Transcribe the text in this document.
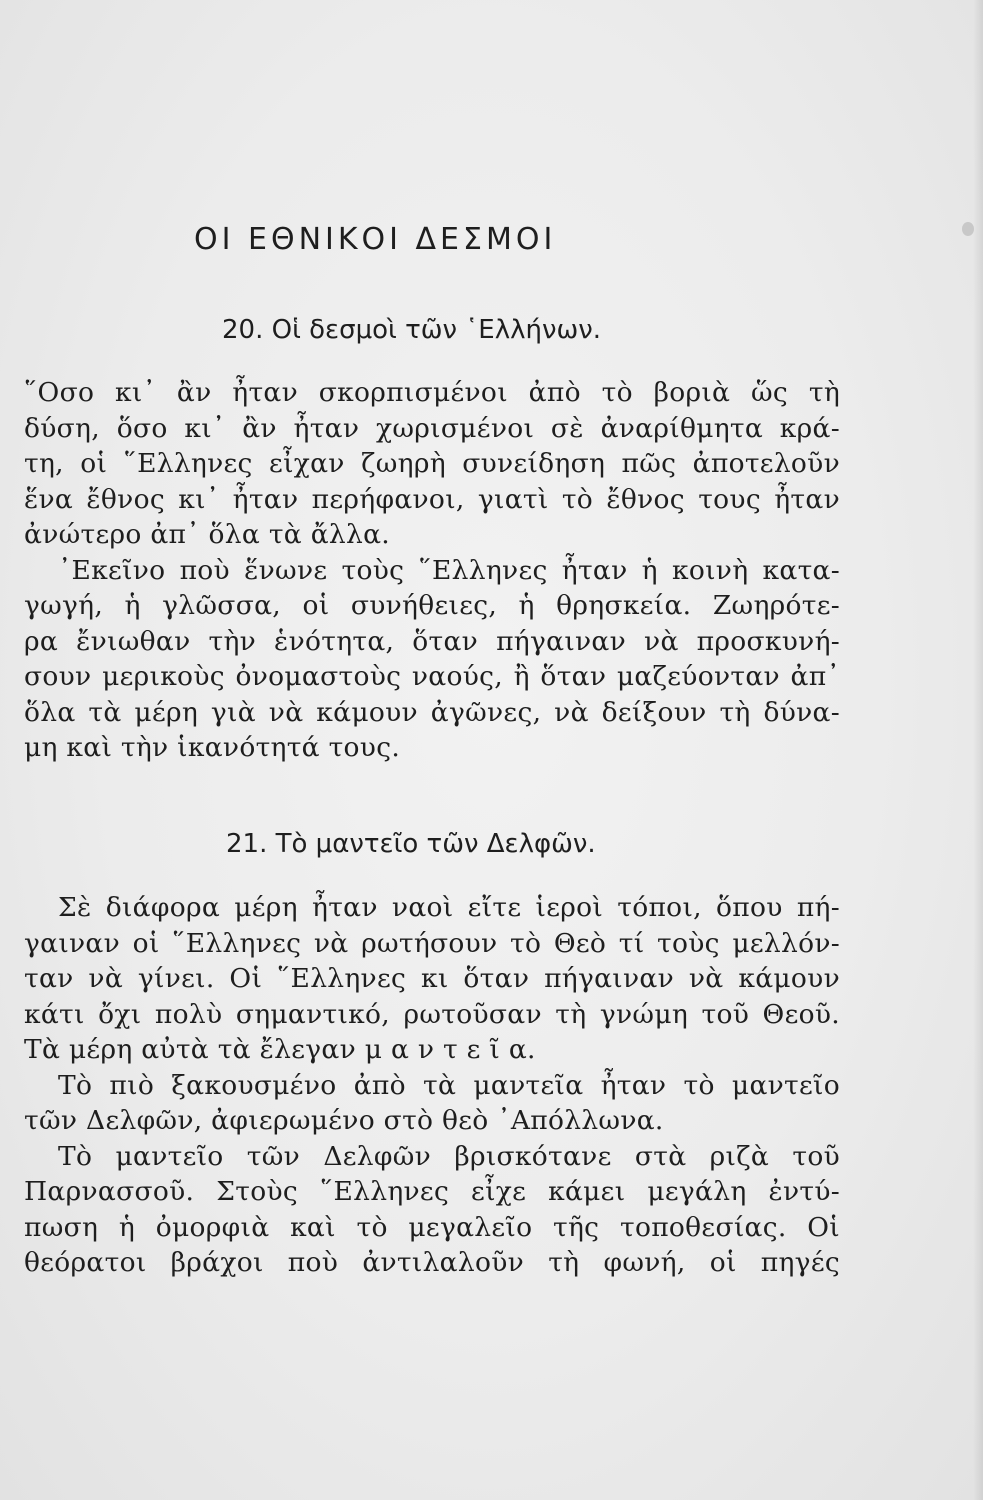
ΟΙ ΕΘΝΙΚΟΙ ΔΕΣΜΟΙ
20. Οἱ δεσμοὶ τῶν ῾Ελλήνων.
῞Οσο κι᾿ ἂν ἦταν σκορπισμένοι ἀπὸ τὸ βοριὰ ὥς τὴ
δύση, ὅσο κι᾿ ἂν ἦταν χωρισμένοι σὲ ἀναρίθμητα κρά-
τη, οἱ ῞Ελληνες εἶχαν ζωηρὴ συνείδηση πῶς ἀποτελοῦν
ἕνα ἔθνος κι᾿ ἦταν περήφανοι, γιατὶ τὸ ἔθνος τους ἦταν
ἀνώτερο ἀπ᾿ ὅλα τὰ ἄλλα.
᾿Εκεῖνο ποὺ ἕνωνε τοὺς ῞Ελληνες ἦταν ἡ κοινὴ κατα-
γωγή, ἡ γλῶσσα, οἱ συνήθειες, ἡ θρησκεία. Ζωηρότε-
ρα ἔνιωθαν τὴν ἑνότητα, ὅταν πήγαιναν νὰ προσκυνή-
σουν μερικοὺς ὀνομαστοὺς ναούς, ἢ ὅταν μαζεύονταν ἀπ᾿
ὅλα τὰ μέρη γιὰ νὰ κάμουν ἀγῶνες, νὰ δείξουν τὴ δύνα-
μη καὶ τὴν ἱκανότητά τους.
21. Τὸ μαντεῖο τῶν Δελφῶν.
Σὲ διάφορα μέρη ἦταν ναοὶ εἴτε ἱεροὶ τόποι, ὅπου πή-
γαιναν οἱ ῞Ελληνες νὰ ρωτήσουν τὸ Θεὸ τί τοὺς μελλόν-
ταν νὰ γίνει. Οἱ ῞Ελληνες κι ὅταν πήγαιναν νὰ κάμουν
κάτι ὄχι πολὺ σημαντικό, ρωτοῦσαν τὴ γνώμη τοῦ Θεοῦ.
Τὰ μέρη αὐτὰ τὰ ἔλεγαν μ α ν τ ε ῖ α.
Τὸ πιὸ ξακουσμένο ἀπὸ τὰ μαντεῖα ἦταν τὸ μαντεῖο
τῶν Δελφῶν, ἀφιερωμένο στὸ θεὸ ᾿Απόλλωνα.
Τὸ μαντεῖο τῶν Δελφῶν βρισκότανε στὰ ριζὰ τοῦ
Παρνασσοῦ. Στοὺς ῞Ελληνες εἶχε κάμει μεγάλη ἐντύ-
πωση ἡ ὀμορφιὰ καὶ τὸ μεγαλεῖο τῆς τοποθεσίας. Οἱ
θεόρατοι βράχοι ποὺ ἀντιλαλοῦν τὴ φωνή, οἱ πηγές
